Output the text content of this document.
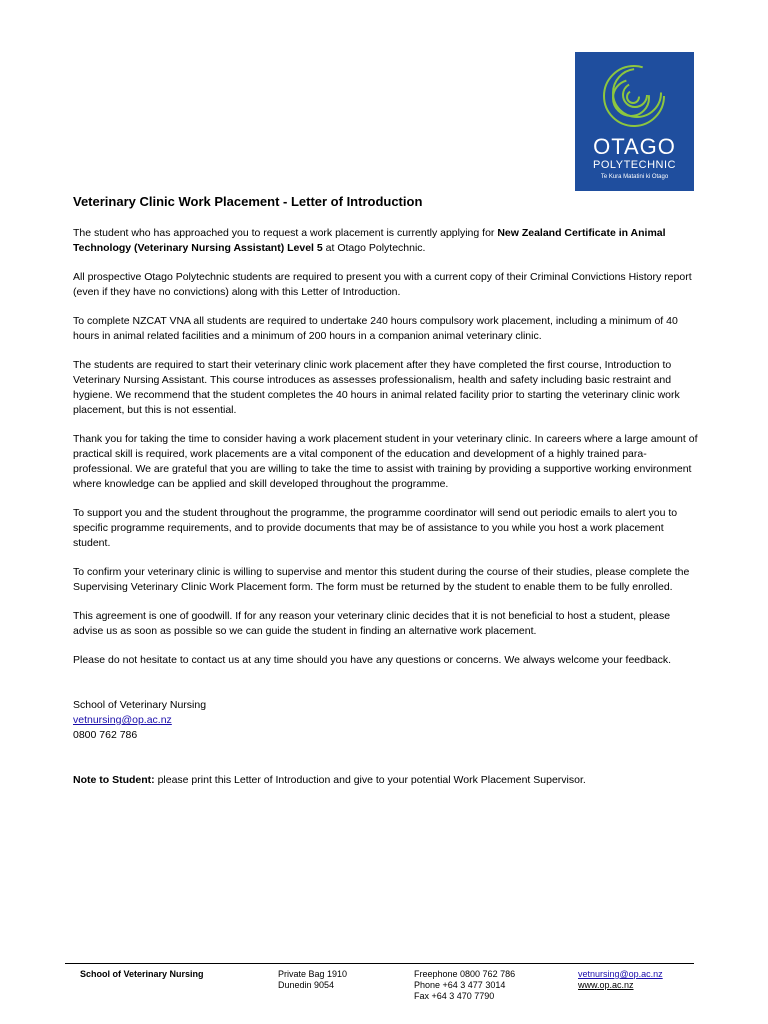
OTAGO
POLYTECHNIC
Te Kura Matatini ki Otago
Veterinary Clinic Work Placement - Letter of Introduction

The student who has approached you to request a work placement is currently applying for New Zealand Certificate in Animal Technology (Veterinary Nursing Assistant) Level 5 at Otago Polytechnic.

All prospective Otago Polytechnic students are required to present you with a current copy of their Criminal Convictions History report (even if they have no convictions) along with this Letter of Introduction.

To complete NZCAT VNA all students are required to undertake 240 hours compulsory work placement, including a minimum of 40 hours in animal related facilities and a minimum of 200 hours in a companion animal veterinary clinic.

The students are required to start their veterinary clinic work placement after they have completed the first course, Introduction to Veterinary Nursing Assistant. This course introduces as assesses professionalism, health and safety including basic restraint and hygiene. We recommend that the student completes the 40 hours in animal related facility prior to starting the veterinary clinic work placement, but this is not essential.

Thank you for taking the time to consider having a work placement student in your veterinary clinic. In careers where a large amount of practical skill is required, work placements are a vital component of the education and development of a highly trained para-professional. We are grateful that you are willing to take the time to assist with training by providing a supportive working environment where knowledge can be applied and skill developed throughout the programme.

To support you and the student throughout the programme, the programme coordinator will send out periodic emails to alert you to specific programme requirements, and to provide documents that may be of assistance to you while you host a work placement student.

To confirm your veterinary clinic is willing to supervise and mentor this student during the course of their studies, please complete the Supervising Veterinary Clinic Work Placement form. The form must be returned by the student to enable them to be fully enrolled.

This agreement is one of goodwill. If for any reason your veterinary clinic decides that it is not beneficial to host a student, please advise us as soon as possible so we can guide the student in finding an alternative work placement.

Please do not hesitate to contact us at any time should you have any questions or concerns. We always welcome your feedback.

School of Veterinary Nursing
vetnursing@op.ac.nz
0800 762 786
Note to Student: please print this Letter of Introduction and give to your potential Work Placement Supervisor.
School of Veterinary Nursing	Private Bag 1910
Dunedin 9054
Freephone 0800 762 786
Phone +64 3 477 3014
Fax +64 3 470 7790
vetnursing@op.ac.nz
www.op.ac.nz
